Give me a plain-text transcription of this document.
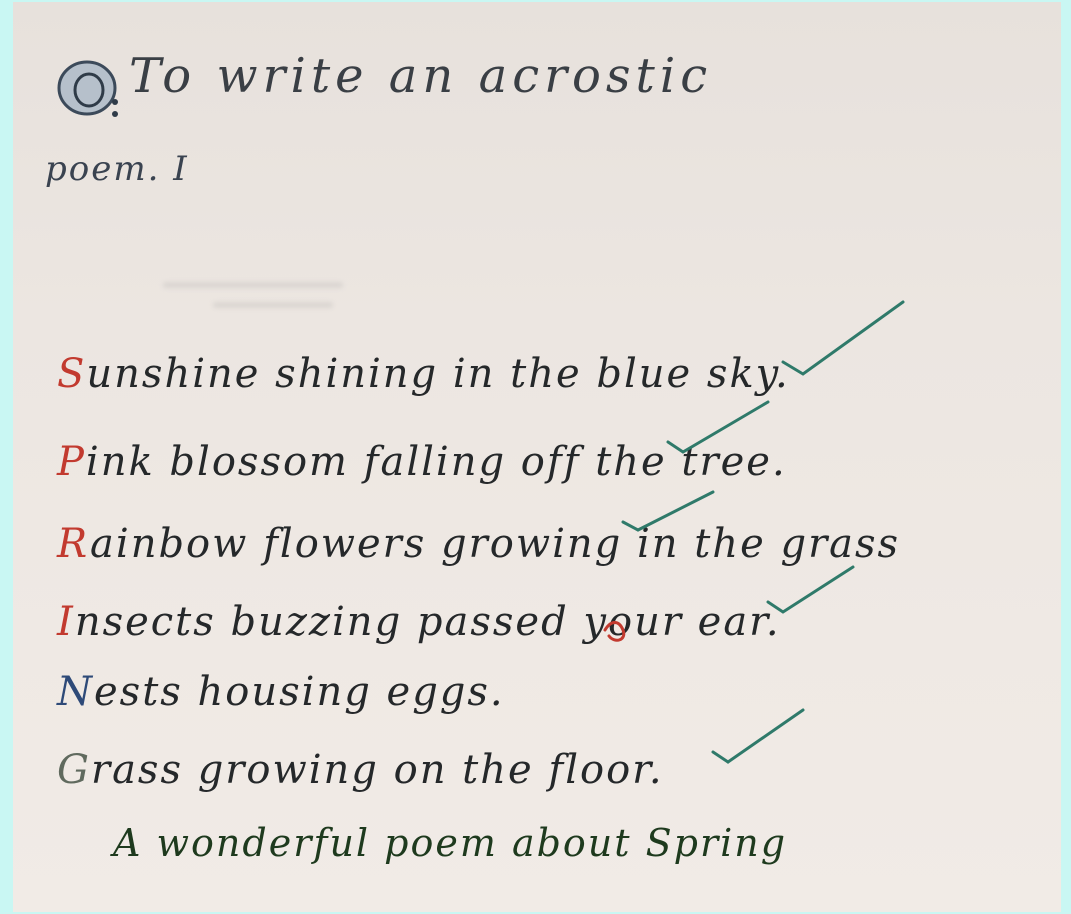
To write an acrostic
poem. I
Sunshine shining in the blue sky.
Pink blossom falling off the tree.
Rainbow flowers growing in the grass
Insects buzzing passed your ear.
Nests housing eggs.
Grass growing on the floor.
A wonderful poem about Spring
